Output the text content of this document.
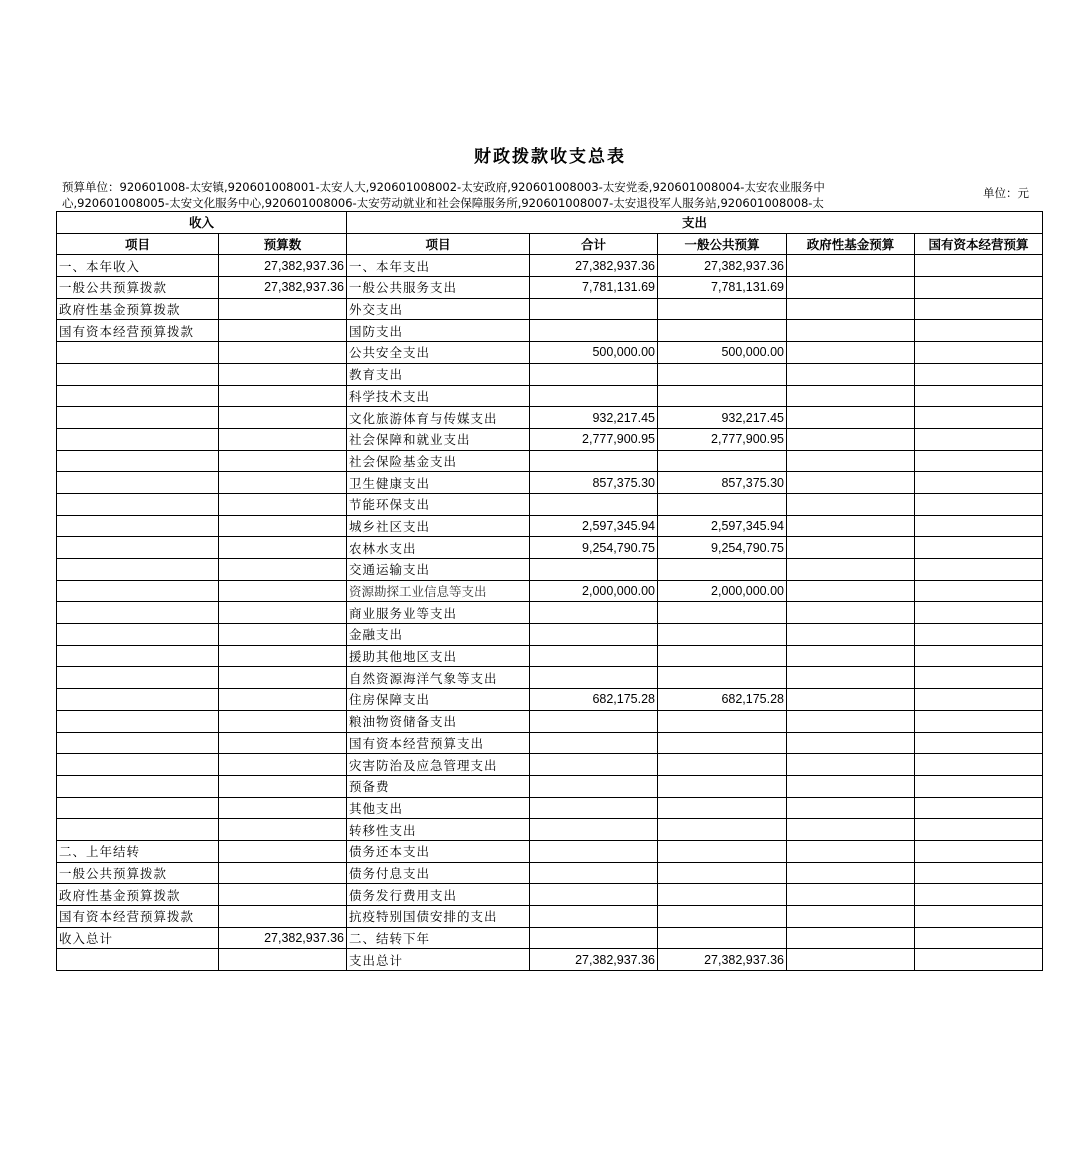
财政拨款收支总表
预算单位：920601008-太安镇,920601008001-太安人大,920601008002-太安政府,920601008003-太安党委,920601008004-太安农业服务中心,920601008005-太安文化服务中心,920601008006-太安劳动就业和社会保障服务所,920601008007-太安退役军人服务站,920601008008-太
单位：元
收入		支出				
项目	预算数	项目	合计	一般公共预算	政府性基金预算	国有资本经营预算
一、本年收入	27,382,937.36	一、本年支出	27,382,937.36	27,382,937.36		
一般公共预算拨款	27,382,937.36	一般公共服务支出	7,781,131.69	7,781,131.69		
政府性基金预算拨款		外交支出				
国有资本经营预算拨款		国防支出				
		公共安全支出	500,000.00	500,000.00		
		教育支出				
		科学技术支出				
		文化旅游体育与传媒支出	932,217.45	932,217.45		
		社会保障和就业支出	2,777,900.95	2,777,900.95		
		社会保险基金支出				
		卫生健康支出	857,375.30	857,375.30		
		节能环保支出				
		城乡社区支出	2,597,345.94	2,597,345.94		
		农林水支出	9,254,790.75	9,254,790.75		
		交通运输支出				
		资源勘探工业信息等支出	2,000,000.00	2,000,000.00		
		商业服务业等支出				
		金融支出				
		援助其他地区支出				
		自然资源海洋气象等支出				
		住房保障支出	682,175.28	682,175.28		
		粮油物资储备支出				
		国有资本经营预算支出				
		灾害防治及应急管理支出				
		预备费				
		其他支出				
		转移性支出				
二、上年结转		债务还本支出				
一般公共预算拨款		债务付息支出				
政府性基金预算拨款		债务发行费用支出				
国有资本经营预算拨款		抗疫特别国债安排的支出				
收入总计	27,382,937.36	二、结转下年				
		支出总计	27,382,937.36	27,382,937.36		
